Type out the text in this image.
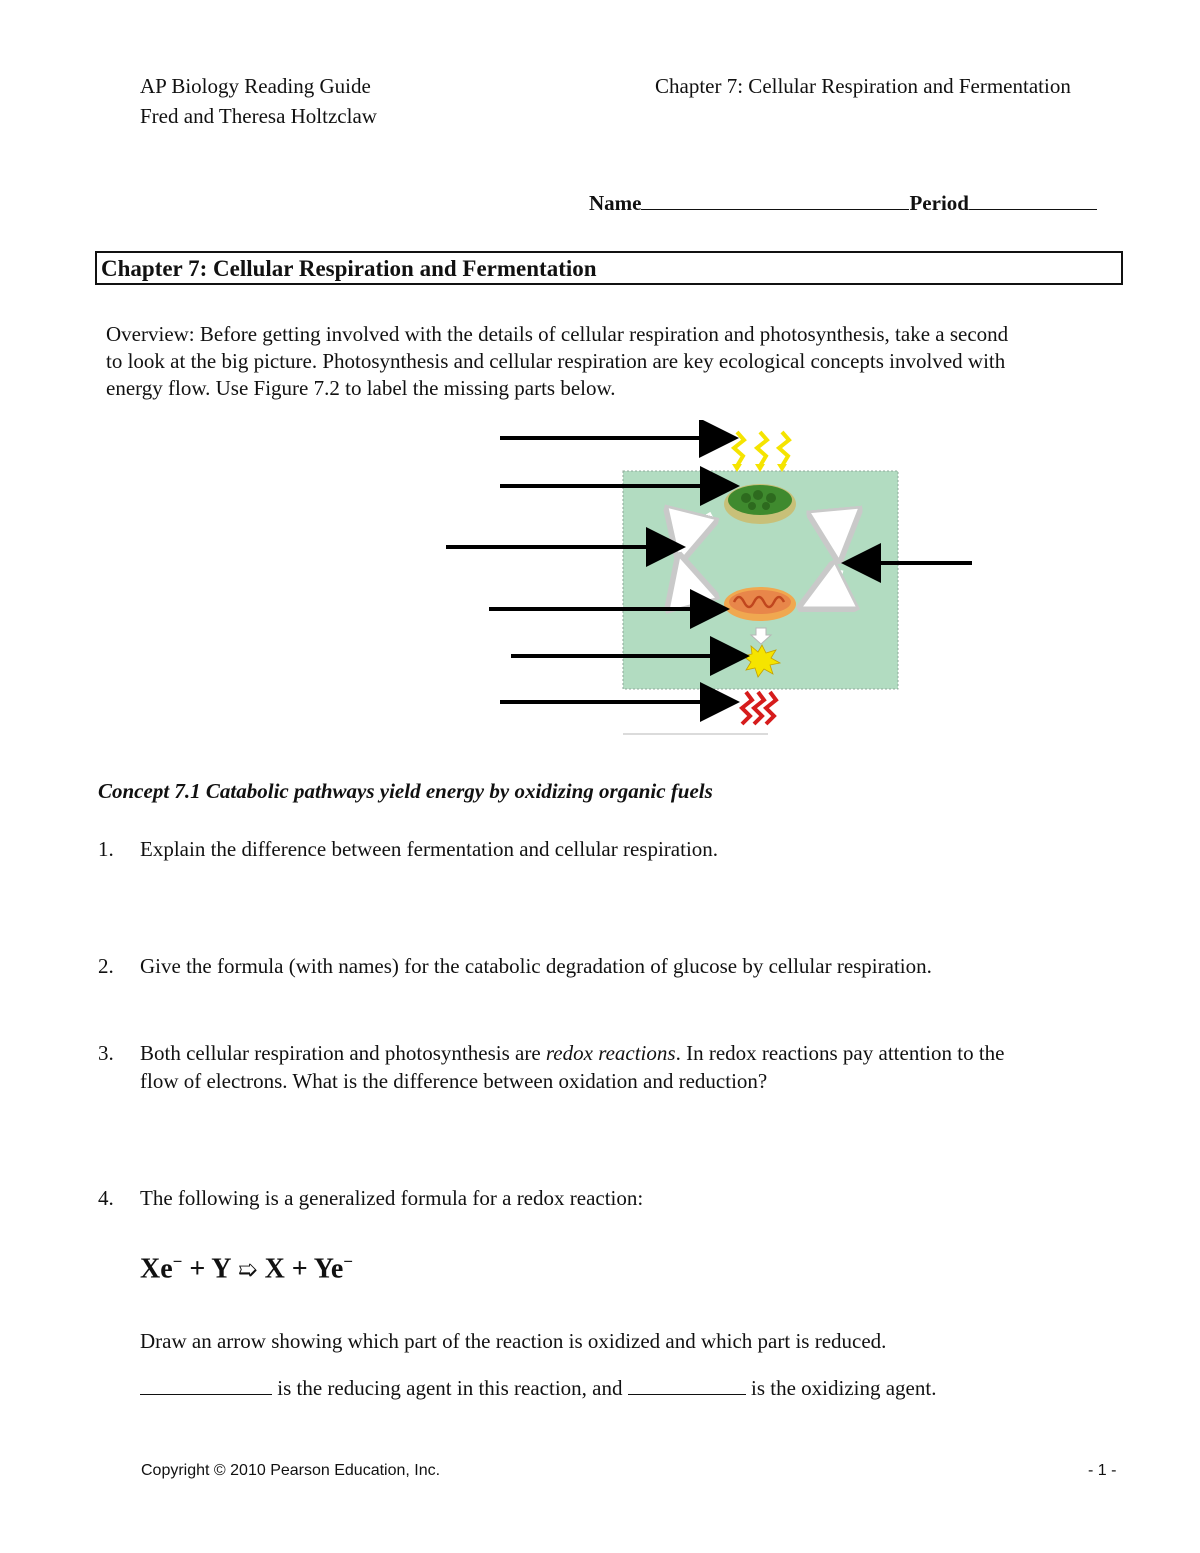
AP Biology Reading Guide
Fred and Theresa Holtzclaw
Chapter 7: Cellular Respiration and Fermentation
Name	Period
Chapter 7: Cellular Respiration and Fermentation
Overview: Before getting involved with the details of cellular respiration and photosynthesis, take a second
to look at the big picture. Photosynthesis and cellular respiration are key ecological concepts involved with
energy flow. Use Figure 7.2 to label the missing parts below.
Concept 7.1 Catabolic pathways yield energy by oxidizing organic fuels
1. Explain the difference between fermentation and cellular respiration.
2. Give the formula (with names) for the catabolic degradation of glucose by cellular respiration.
3. Both cellular respiration and photosynthesis are redox reactions. In redox reactions pay attention to the
flow of electrons. What is the difference between oxidation and reduction?
4. The following is a generalized formula for a redox reaction:
Xe− + Y ➯ X + Ye−
Draw an arrow showing which part of the reaction is oxidized and which part is reduced.
is the reducing agent in this reaction, and	is the oxidizing agent.
Copyright © 2010 Pearson Education, Inc.	- 1 -
